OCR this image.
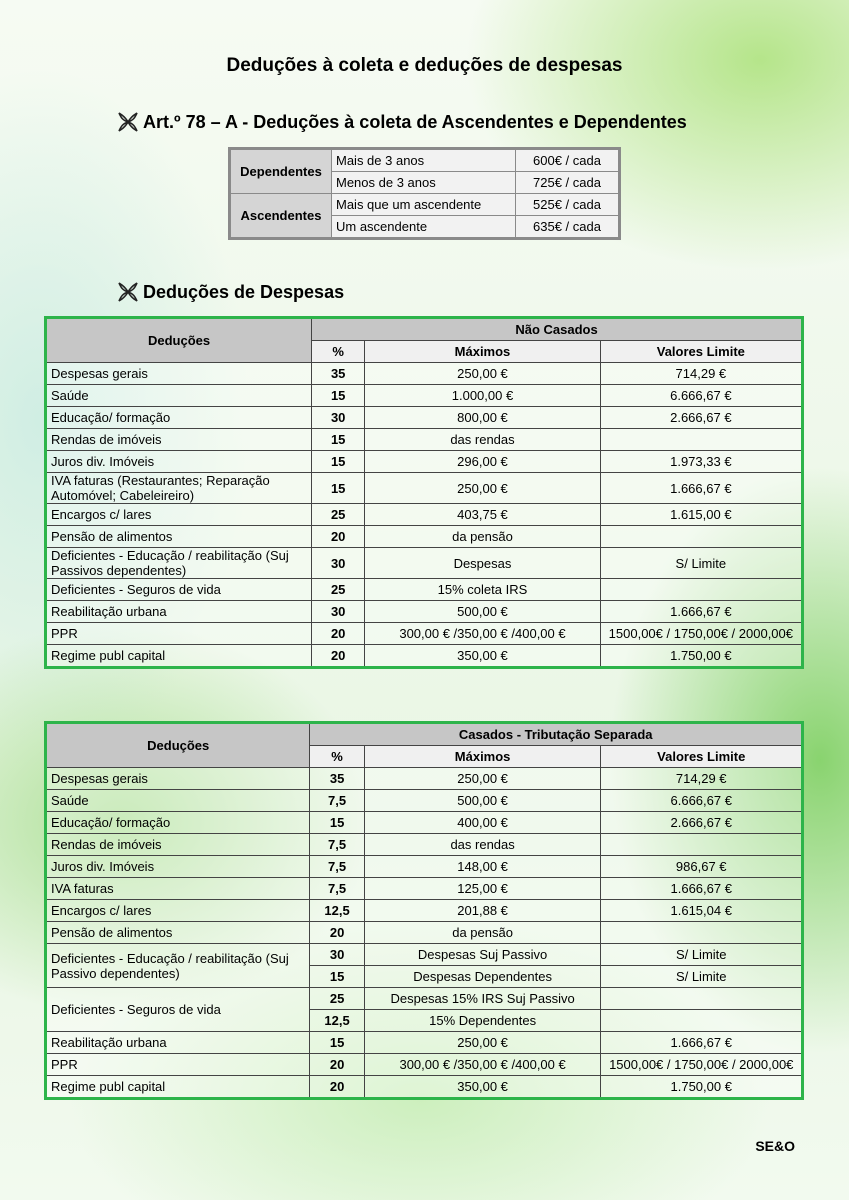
Deduções à coleta e deduções de despesas
Art.º 78 – A - Deduções à coleta de Ascendentes e Dependentes
Dependentes	Mais de 3 anos	600€ / cada
	Menos de 3 anos	725€ / cada
Ascendentes	Mais que um ascendente	525€ / cada
	Um ascendente	635€ / cada
Deduções de Despesas
Deduções	Não Casados		
	%	Máximos	Valores Limite
Despesas gerais	35	250,00 €	714,29 €
Saúde	15	1.000,00 €	6.666,67 €
Educação/ formação	30	800,00 €	2.666,67 €
Rendas de imóveis	15	das rendas	
Juros div. Imóveis	15	296,00 €	1.973,33 €
IVA faturas (Restaurantes; Reparação Automóvel; Cabeleireiro)	15	250,00 €	1.666,67 €
Encargos c/ lares	25	403,75 €	1.615,00 €
Pensão de alimentos	20	da pensão	
Deficientes - Educação / reabilitação (Suj Passivos dependentes)	30	Despesas	S/ Limite
Deficientes - Seguros de vida	25	15% coleta IRS	
Reabilitação urbana	30	500,00 €	1.666,67 €
PPR	20	300,00 € /350,00 € /400,00 €	1500,00€ / 1750,00€ / 2000,00€
Regime publ capital	20	350,00 €	1.750,00 €
Deduções	Casados - Tributação Separada		
	%	Máximos	Valores Limite
Despesas gerais	35	250,00 €	714,29 €
Saúde	7,5	500,00 €	6.666,67 €
Educação/ formação	15	400,00 €	2.666,67 €
Rendas de imóveis	7,5	das rendas	
Juros div. Imóveis	7,5	148,00 €	986,67 €
IVA faturas	7,5	125,00 €	1.666,67 €
Encargos c/ lares	12,5	201,88 €	1.615,04 €
Pensão de alimentos	20	da pensão	
Deficientes - Educação / reabilitação (Suj Passivo dependentes)	30	Despesas Suj Passivo	S/ Limite
	15	Despesas Dependentes	S/ Limite
Deficientes - Seguros de vida	25	Despesas 15% IRS Suj Passivo	
	12,5	15% Dependentes	
Reabilitação urbana	15	250,00 €	1.666,67 €
PPR	20	300,00 € /350,00 € /400,00 €	1500,00€ / 1750,00€ / 2000,00€
Regime publ capital	20	350,00 €	1.750,00 €
SE&O
